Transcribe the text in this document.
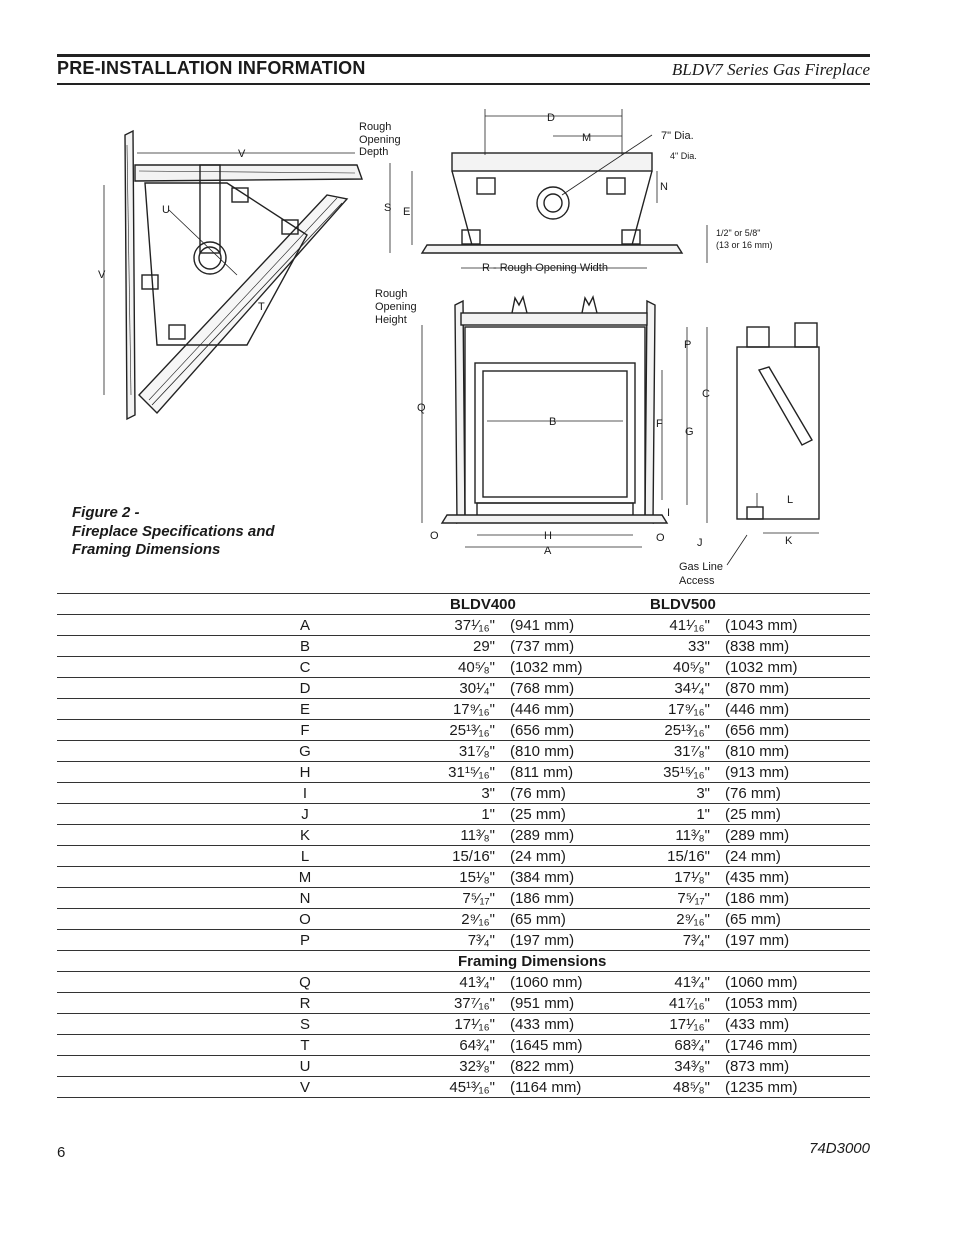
PRE-INSTALLATION INFORMATION	BLDV7 Series Gas Fireplace
V
V
U
T
D
M
S E
N
P
C
F
G
Q
B
H
A
O	O
I
J	K
L
Rough
Opening
Depth
Rough
Opening
Height
R - Rough Opening Width
7" Dia.
4" Dia.
1/2" or 5/8"
(13 or 16 mm)
Gas Line
Access
Figure 2 -
Fireplace Specifications and
Framing Dimensions
	BLDV400		BLDV500	
A	37¹⁄₁₆"	(941 mm)	41¹⁄₁₆"	(1043 mm)
B	29"	(737 mm)	33"	(838 mm)
C	40⁵⁄₈"	(1032 mm)	40⁵⁄₈"	(1032 mm)
D	30¹⁄₄"	(768 mm)	34¹⁄₄"	(870 mm)
E	17⁹⁄₁₆"	(446 mm)	17⁹⁄₁₆"	(446 mm)
F	25¹³⁄₁₆"	(656 mm)	25¹³⁄₁₆"	(656 mm)
G	31⁷⁄₈"	(810 mm)	31⁷⁄₈"	(810 mm)
H	31¹⁵⁄₁₆"	(811 mm)	35¹⁵⁄₁₆"	(913 mm)
I	3"	(76 mm)	3"	(76 mm)
J	1"	(25 mm)	1"	(25 mm)
K	11³⁄₈"	(289 mm)	11³⁄₈"	(289 mm)
L	15/16"	(24 mm)	15/16"	(24 mm)
M	15¹⁄₈"	(384 mm)	17¹⁄₈"	(435 mm)
N	7⁵⁄₁₇"	(186 mm)	7⁵⁄₁₇"	(186 mm)
O	2⁹⁄₁₆"	(65 mm)	2⁹⁄₁₆"	(65 mm)
P	7³⁄₄"	(197 mm)	7³⁄₄"	(197 mm)
	Framing Dimensions			
Q	41³⁄₄"	(1060 mm)	41³⁄₄"	(1060 mm)
R	37⁷⁄₁₆"	(951 mm)	41⁷⁄₁₆"	(1053 mm)
S	17¹⁄₁₆"	(433 mm)	17¹⁄₁₆"	(433 mm)
T	64³⁄₄"	(1645 mm)	68³⁄₄"	(1746 mm)
U	32³⁄₈"	(822 mm)	34³⁄₈"	(873 mm)
V	45¹³⁄₁₆"	(1164 mm)	48⁵⁄₈"	(1235 mm)
6	74D3000
